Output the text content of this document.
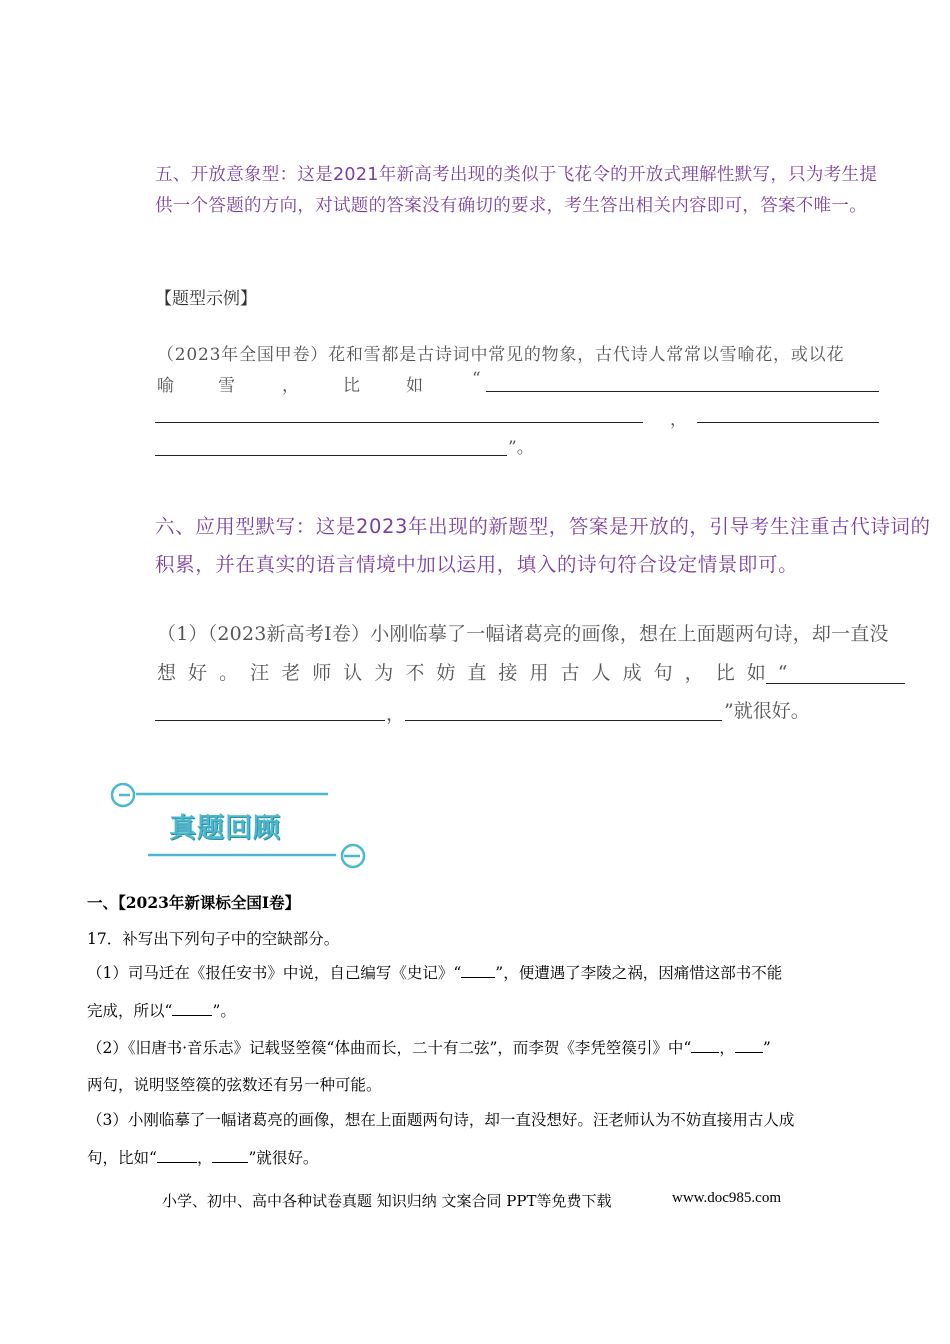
五、开放意象型：这是2021年新高考出现的类似于飞花令的开放式理解性默写，只为考生提供一个答题的方向，对试题的答案没有确切的要求，考生答出相关内容即可，答案不唯一。
【题型示例】
（2023年全国甲卷）花和雪都是古诗词中常见的物象，古代诗人常常以雪喻花，或以花
喻	雪	，	比	如	“
，
”。
六、应用型默写：这是2023年出现的新题型，答案是开放的，引导考生注重古代诗词的
积累，并在真实的语言情境中加以运用，填入的诗句符合设定情景即可。
（1）（2023新高考Ⅰ卷）小刚临摹了一幅诸葛亮的画像，想在上面题两句诗，却一直没
想 好 。 汪 老 师 认 为 不 妨 直 接 用 古 人 成 句 ， 比 如 “
，	”就很好。
真题回顾
一、【2023年新课标全国Ⅰ卷】
17．补写出下列句子中的空缺部分。
（1）司马迁在《报任安书》中说，自己编写《史记》“ ”，便遭遇了李陵之祸，因痛惜这部书不能
完成，所以“	”。
（2）《旧唐书·音乐志》记载竖箜篌“体曲而长，二十有二弦”，而李贺《李凭箜篌引》中“ ， ”
两句，说明竖箜篌的弦数还有另一种可能。
（3）小刚临摹了一幅诸葛亮的画像，想在上面题两句诗，却一直没想好。汪老师认为不妨直接用古人成
句，比如“	， ”就很好。
小学、初中、高中各种试卷真题 知识归纳 文案合同 PPT等免费下载	www.doc985.com
